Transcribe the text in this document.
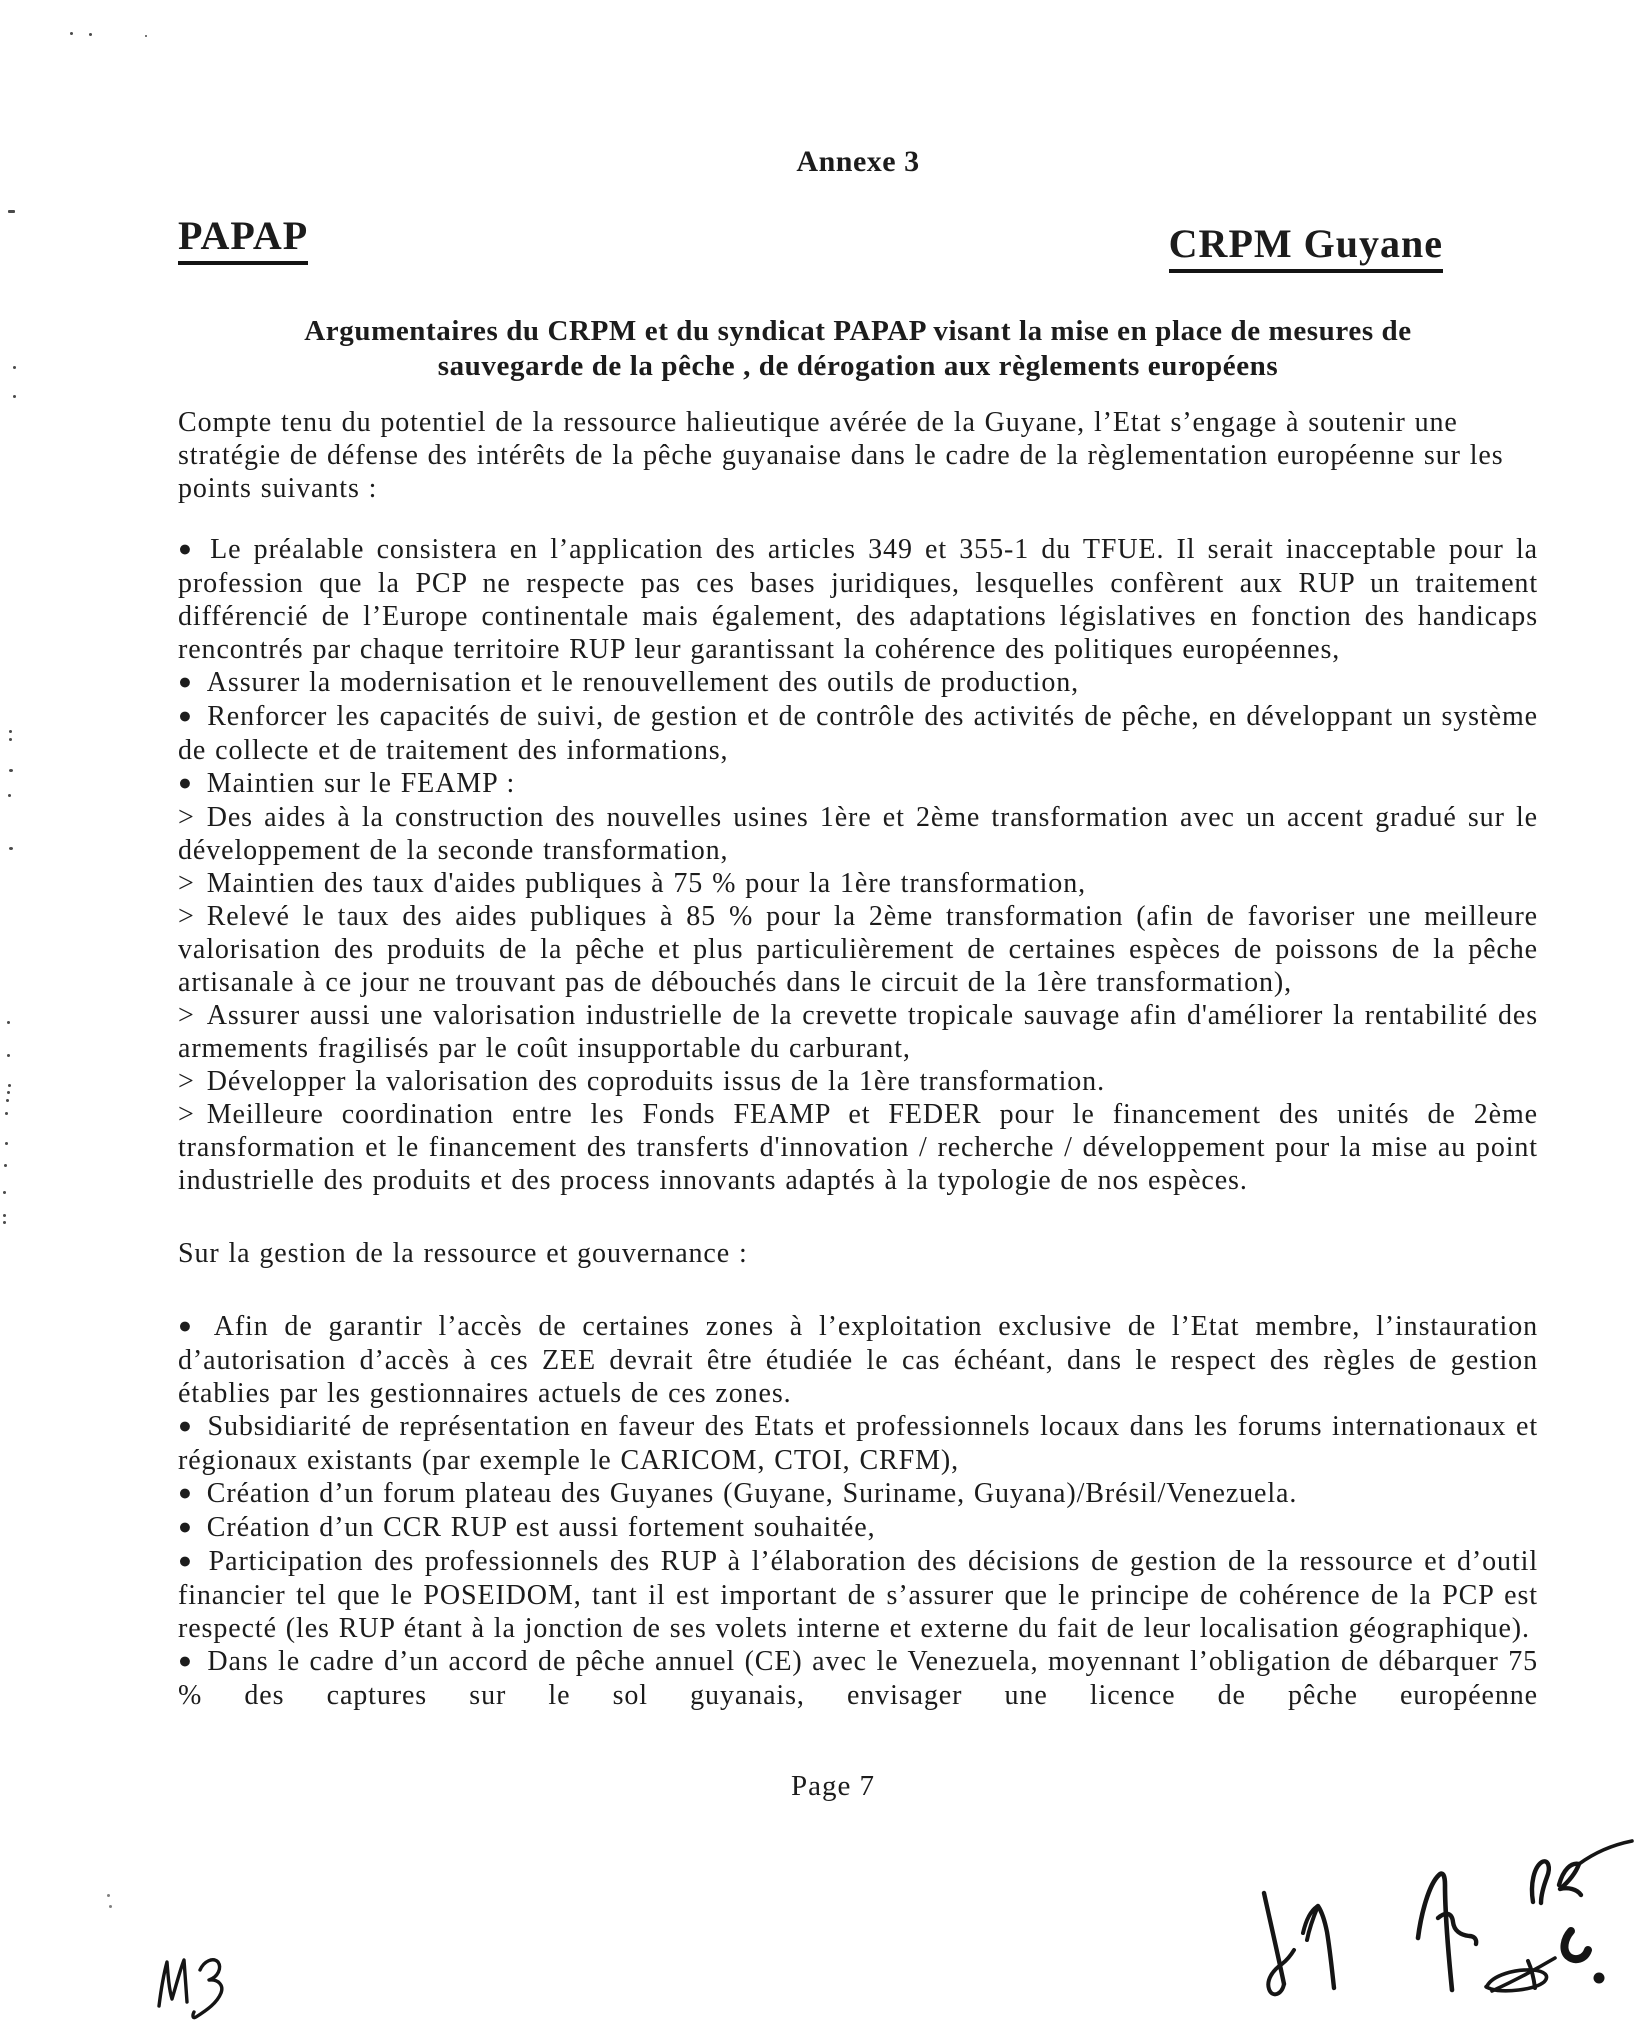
Annexe 3
PAPAP	CRPM Guyane
Argumentaires du CRPM et du syndicat PAPAP visant la mise en place de mesures de
sauvegarde de la pêche , de dérogation aux règlements européens

Compte tenu du potentiel de la ressource halieutique avérée de la Guyane, l’Etat s’engage à soutenir une stratégie de défense des intérêts de la pêche guyanaise dans le cadre de la règlementation européenne sur les points suivants :

● Le préalable consistera en l’application des articles 349 et 355-1 du TFUE. Il serait inacceptable pour la profession que la PCP ne respecte pas ces bases juridiques, lesquelles confèrent aux RUP un traitement différencié de l’Europe continentale mais également, des adaptations législatives en fonction des handicaps rencontrés par chaque territoire RUP leur garantissant la cohérence des politiques européennes,

● Assurer la modernisation et le renouvellement des outils de production,

● Renforcer les capacités de suivi, de gestion et de contrôle des activités de pêche, en développant un système de collecte et de traitement des informations,

● Maintien sur le FEAMP :

> Des aides à la construction des nouvelles usines 1ère et 2ème transformation avec un accent gradué sur le développement de la seconde transformation,

> Maintien des taux d'aides publiques à 75 % pour la 1ère transformation,

> Relevé le taux des aides publiques à 85 % pour la 2ème transformation (afin de favoriser une meilleure valorisation des produits de la pêche et plus particulièrement de certaines espèces de poissons de la pêche artisanale à ce jour ne trouvant pas de débouchés dans le circuit de la 1ère transformation),

> Assurer aussi une valorisation industrielle de la crevette tropicale sauvage afin d'améliorer la rentabilité des armements fragilisés par le coût insupportable du carburant,

> Développer la valorisation des coproduits issus de la 1ère transformation.

> Meilleure coordination entre les Fonds FEAMP et FEDER pour le financement des unités de 2ème transformation et le financement des transferts d'innovation / recherche / développement pour la mise au point industrielle des produits et des process innovants adaptés à la typologie de nos espèces.

Sur la gestion de la ressource et gouvernance :

● Afin de garantir l’accès de certaines zones à l’exploitation exclusive de l’Etat membre, l’instauration d’autorisation d’accès à ces ZEE devrait être étudiée le cas échéant, dans le respect des règles de gestion établies par les gestionnaires actuels de ces zones.

● Subsidiarité de représentation en faveur des Etats et professionnels locaux dans les forums internationaux et régionaux existants (par exemple le CARICOM, CTOI, CRFM),

● Création d’un forum plateau des Guyanes (Guyane, Suriname, Guyana)/Brésil/Venezuela.

● Création d’un CCR RUP est aussi fortement souhaitée,

● Participation des professionnels des RUP à l’élaboration des décisions de gestion de la ressource et d’outil financier tel que le POSEIDOM, tant il est important de s’assurer que le principe de cohérence de la PCP est respecté (les RUP étant à la jonction de ses volets interne et externe du fait de leur localisation géographique).

● Dans le cadre d’un accord de pêche annuel (CE) avec le Venezuela, moyennant l’obligation de débarquer 75 % des captures sur le sol guyanais, envisager une licence de pêche européenne

Page 7
